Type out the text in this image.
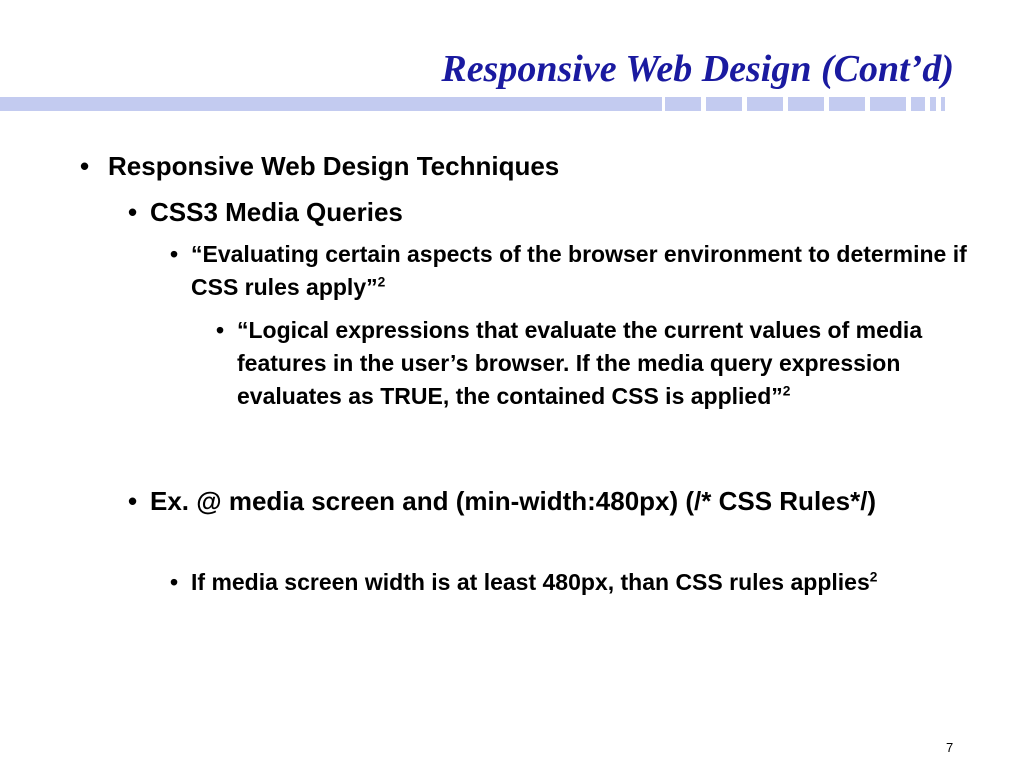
Responsive Web Design (Cont’d)
• Responsive Web Design Techniques
• CSS3 Media Queries
• “Evaluating certain aspects of the browser environment to determine if CSS rules apply”$^2$
• “Logical expressions that evaluate the current values of media features in the user’s browser. If the media query expression evaluates as TRUE, the contained CSS is applied”$^2$
• Ex. @ media screen and (min-width:480px) (/* CSS Rules*/)
• If media screen width is at least 480px, than CSS rules applies$^2$
7
